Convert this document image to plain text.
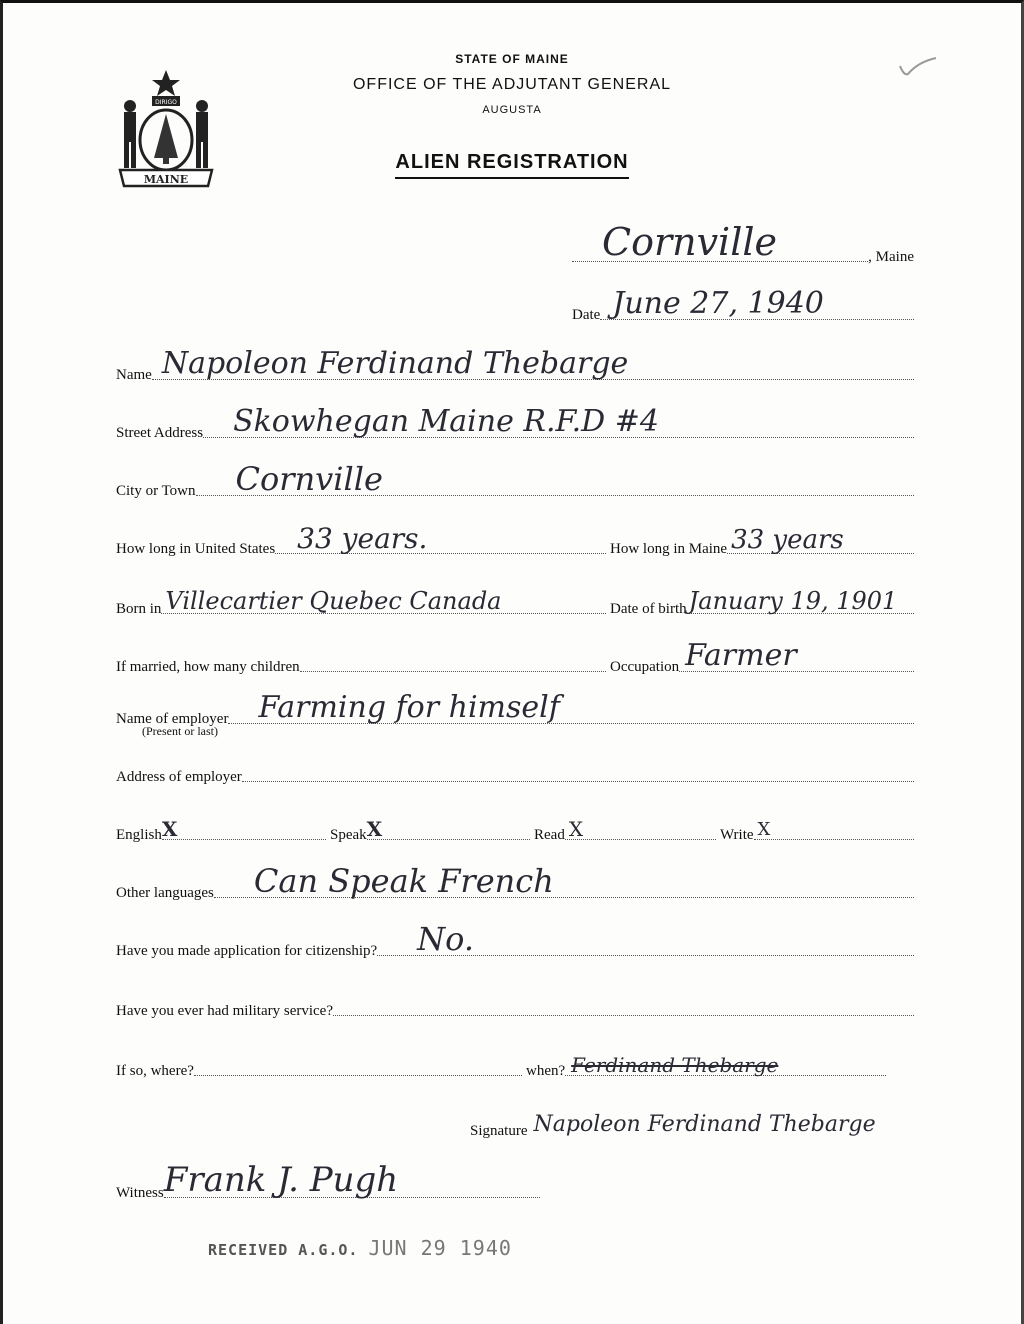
DIRIGO
MAINE
STATE OF MAINE
OFFICE OF THE ADJUTANT GENERAL
AUGUSTA
ALIEN REGISTRATION
Cornville	, Maine
Date June 27, 1940
Name Napoleon Ferdinand Thebarge
Street Address Skowhegan Maine R.F.D #4
City or Town Cornville
How long in United States 33 years.	How long in Maine 33 years
Born in Villecartier Quebec Canada	Date of birth January 19, 1901
If married, how many children	Occupation Farmer
Name of employer Farming for himself
(Present or last)
Address of employer
English X	Speak X	Read X	Write X
Other languages Can Speak French
Have you made application for citizenship? No.
Have you ever had military service?
If so, where?	when? Ferdinand Thebarge
Signature Napoleon Ferdinand Thebarge
Witness Frank J. Pugh
RECEIVED A.G.O. JUN 29 1940
